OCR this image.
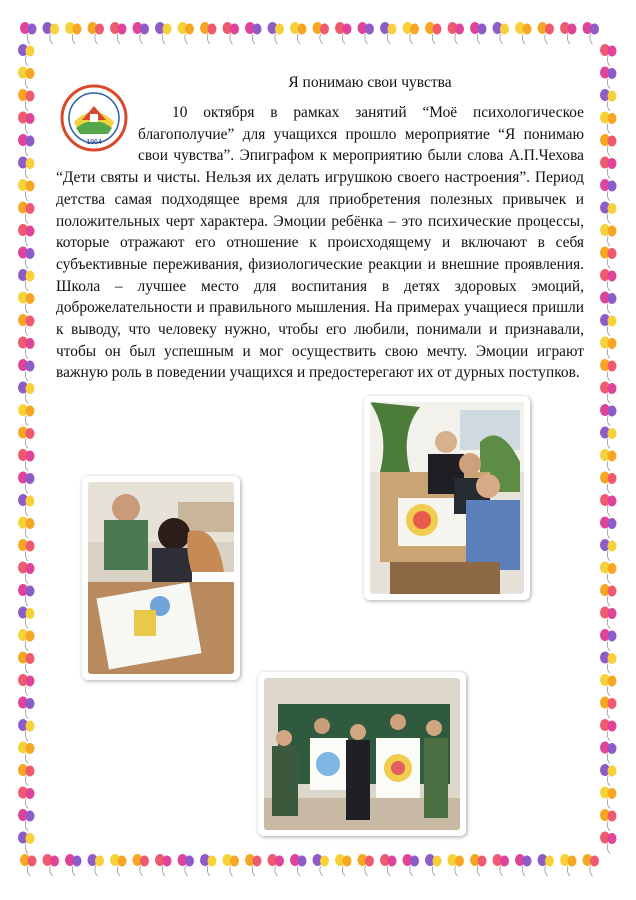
1964
Я понимаю свои чувства

10 октября в рамках занятий “Моё психологическое благополучие” для учащихся прошло мероприятие “Я понимаю свои чувства”. Эпиграфом к мероприятию были слова А.П.Чехова “Дети святы и чисты. Нельзя их делать игрушкою своего настроения”. Период детства самая подходящее время для приобретения полезных привычек и положительных черт характера. Эмоции ребёнка – это психические процессы, которые отражают его отношение к происходящему и включают в себя субъективные переживания, физиологические реакции и внешние проявления. Школа – лучшее место для воспитания в детях здоровых эмоций, доброжелательности и правильного мышления. На примерах учащиеся пришли к выводу, что человеку нужно, чтобы его любили, понимали и признавали, чтобы он был успешным и мог осуществить свою мечту. Эмоции играют важную роль в поведении учащихся и предостерегают их от дурных поступков.
